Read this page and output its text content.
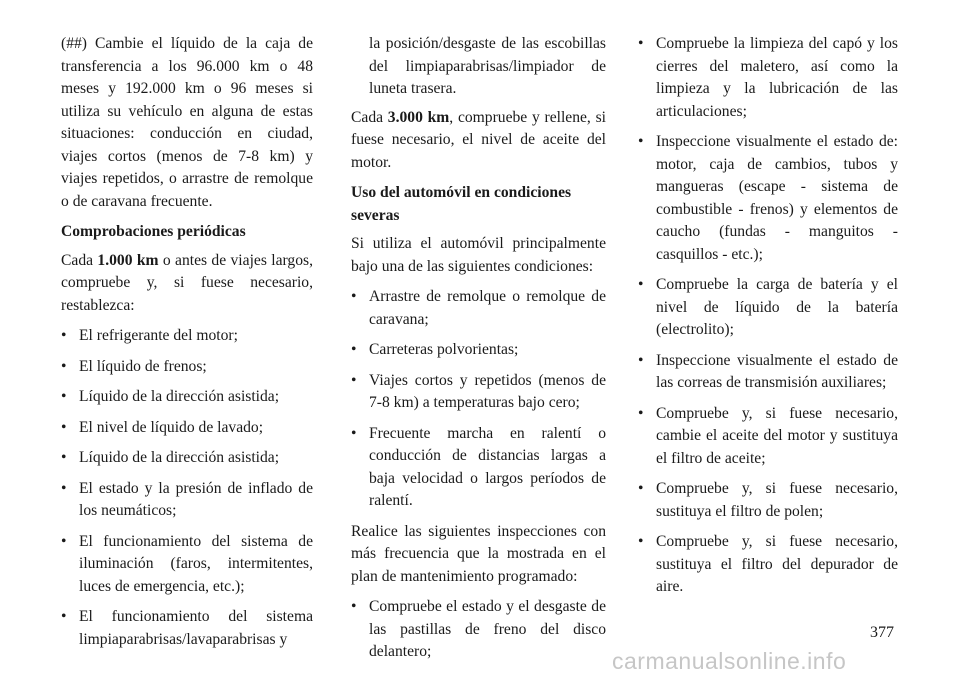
(##) Cambie el líquido de la caja de transferencia a los 96.000 km o 48 meses y 192.000 km o 96 meses si utiliza su vehículo en alguna de estas situaciones: conducción en ciudad, viajes cortos (menos de 7-8 km) y viajes repetidos, o arrastre de remolque o de caravana frecuente.

Comprobaciones periódicas

Cada 1.000 km o antes de viajes largos, compruebe y, si fuese necesario, restablezca:

• El refrigerante del motor;
• El líquido de frenos;
• Líquido de la dirección asistida;
• El nivel de líquido de lavado;
• Líquido de la dirección asistida;
• El estado y la presión de inflado de los neumáticos;
• El funcionamiento del sistema de iluminación (faros, intermitentes, luces de emergencia, etc.);
• El funcionamiento del sistema limpiaparabrisas/lavaparabrisas y
la posición/desgaste de las escobillas del limpiaparabrisas/limpiador de luneta trasera.

Cada 3.000 km, compruebe y rellene, si fuese necesario, el nivel de aceite del motor.

Uso del automóvil en condiciones severas

Si utiliza el automóvil principalmente bajo una de las siguientes condiciones:

• Arrastre de remolque o remolque de caravana;
• Carreteras polvorientas;
• Viajes cortos y repetidos (menos de 7-8 km) a temperaturas bajo cero;
• Frecuente marcha en ralentí o conducción de distancias largas a baja velocidad o largos períodos de ralentí.

Realice las siguientes inspecciones con más frecuencia que la mostrada en el plan de mantenimiento programado:

• Compruebe el estado y el desgaste de las pastillas de freno del disco delantero;
• Compruebe la limpieza del capó y los cierres del maletero, así como la limpieza y la lubricación de las articulaciones;
• Inspeccione visualmente el estado de: motor, caja de cambios, tubos y mangueras (escape - sistema de combustible - frenos) y elementos de caucho (fundas - manguitos - casquillos - etc.);
• Compruebe la carga de batería y el nivel de líquido de la batería (electrolito);
• Inspeccione visualmente el estado de las correas de transmisión auxiliares;
• Compruebe y, si fuese necesario, cambie el aceite del motor y sustituya el filtro de aceite;
• Compruebe y, si fuese necesario, sustituya el filtro de polen;
• Compruebe y, si fuese necesario, sustituya el filtro del depurador de aire.
377
carmanualsonline.info
